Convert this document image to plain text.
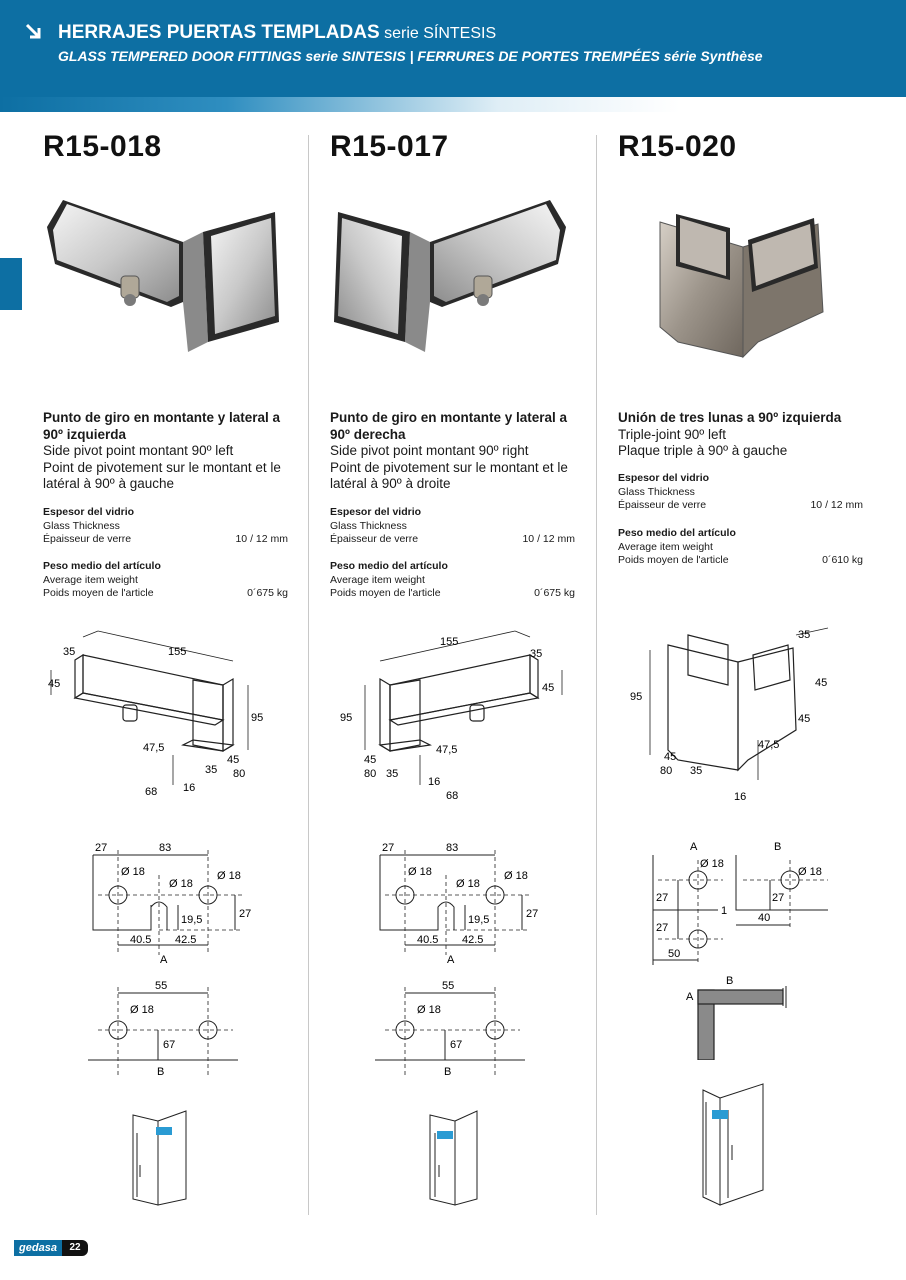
HERRAJES PUERTAS TEMPLADAS serie SÍNTESIS
GLASS TEMPERED DOOR FITTINGS serie SINTESIS | FERRURES DE PORTES TREMPÉES série Synthèse
R15-018
Punto de giro en montante y lateral a 90º izquierda
Side pivot point montant 90º left
Point de pivotement sur le montant et le latéral à 90º à gauche
Espesor del vidrio
Glass Thickness
Épaisseur de verre	10 / 12 mm
Peso medio del artículo
Average item weight
Poids moyen de l'article	0´675 kg
35	155
45
95
47,5
45
35 80
68 16
27	83
Ø 18
Ø 18
Ø 18
19,5	27
40.5 42.5
A
55
Ø 18
67
B
R15-017
Punto de giro en montante y lateral a 90º derecha
Side pivot point montant 90º right
Point de pivotement sur le montant et le latéral à 90º à droite
Espesor del vidrio
Glass Thickness
Épaisseur de verre	10 / 12 mm
Peso medio del artículo
Average item weight
Poids moyen de l'article	0´675 kg
155
35
45
95
47,5
45
80 35
16
68
27	83
Ø 18
Ø 18
Ø 18
19,5	27
40.5 42.5
A
55
Ø 18
67
B
R15-020
Unión de tres lunas a 90º izquierda
Triple-joint 90º left
Plaque triple à 90º à gauche
Espesor del vidrio
Glass Thickness
Épaisseur de verre	10 / 12 mm
Peso medio del artículo
Average item weight
Poids moyen de l'article	0´610 kg
35
45
95
45
47,5
45
80 35
16
A	B
Ø 18
Ø 18
27
27
27
1
50
40
A
B
gedasa	22
